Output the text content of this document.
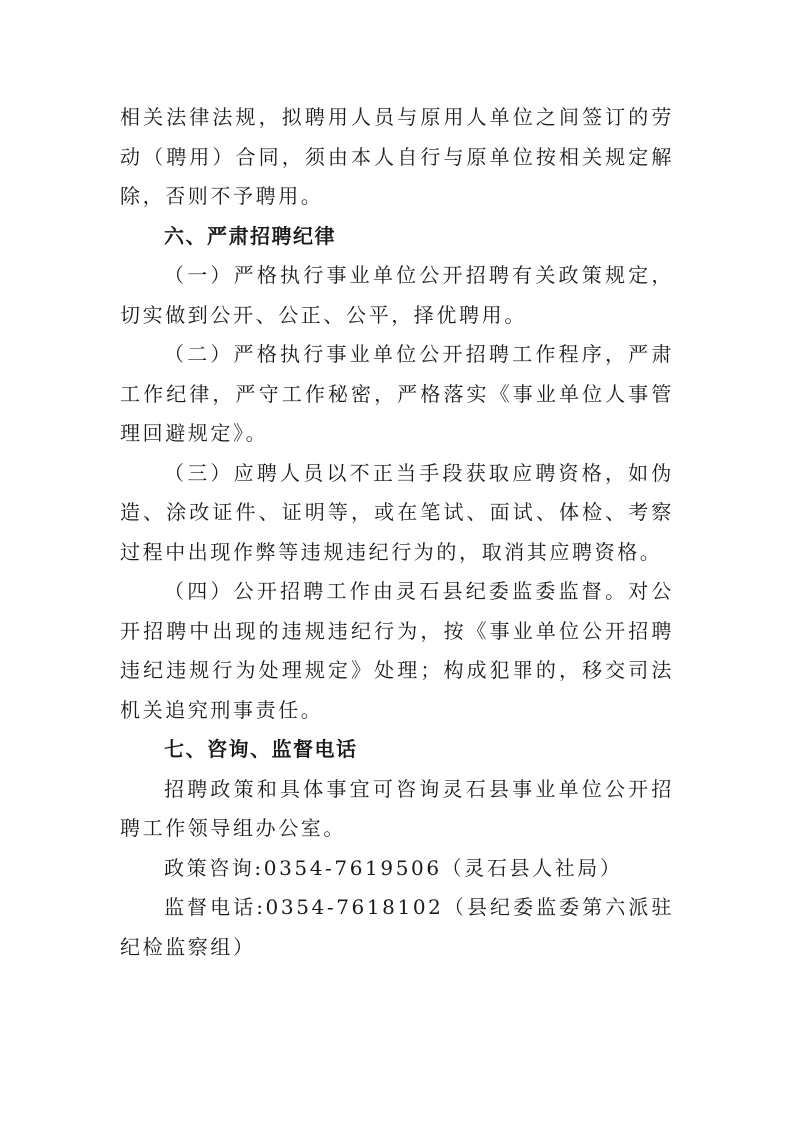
相关法律法规，拟聘用人员与原用人单位之间签订的劳动（聘用）合同，须由本人自行与原单位按相关规定解除，否则不予聘用。

六、严肃招聘纪律

（一）严格执行事业单位公开招聘有关政策规定，切实做到公开、公正、公平，择优聘用。

（二）严格执行事业单位公开招聘工作程序，严肃工作纪律，严守工作秘密，严格落实《事业单位人事管理回避规定》。

（三）应聘人员以不正当手段获取应聘资格，如伪造、涂改证件、证明等，或在笔试、面试、体检、考察过程中出现作弊等违规违纪行为的，取消其应聘资格。

（四）公开招聘工作由灵石县纪委监委监督。对公开招聘中出现的违规违纪行为，按《事业单位公开招聘违纪违规行为处理规定》处理；构成犯罪的，移交司法机关追究刑事责任。

七、咨询、监督电话

招聘政策和具体事宜可咨询灵石县事业单位公开招聘工作领导组办公室。

政策咨询:0354-7619506（灵石县人社局）

监督电话:0354-7618102（县纪委监委第六派驻纪检监察组）
